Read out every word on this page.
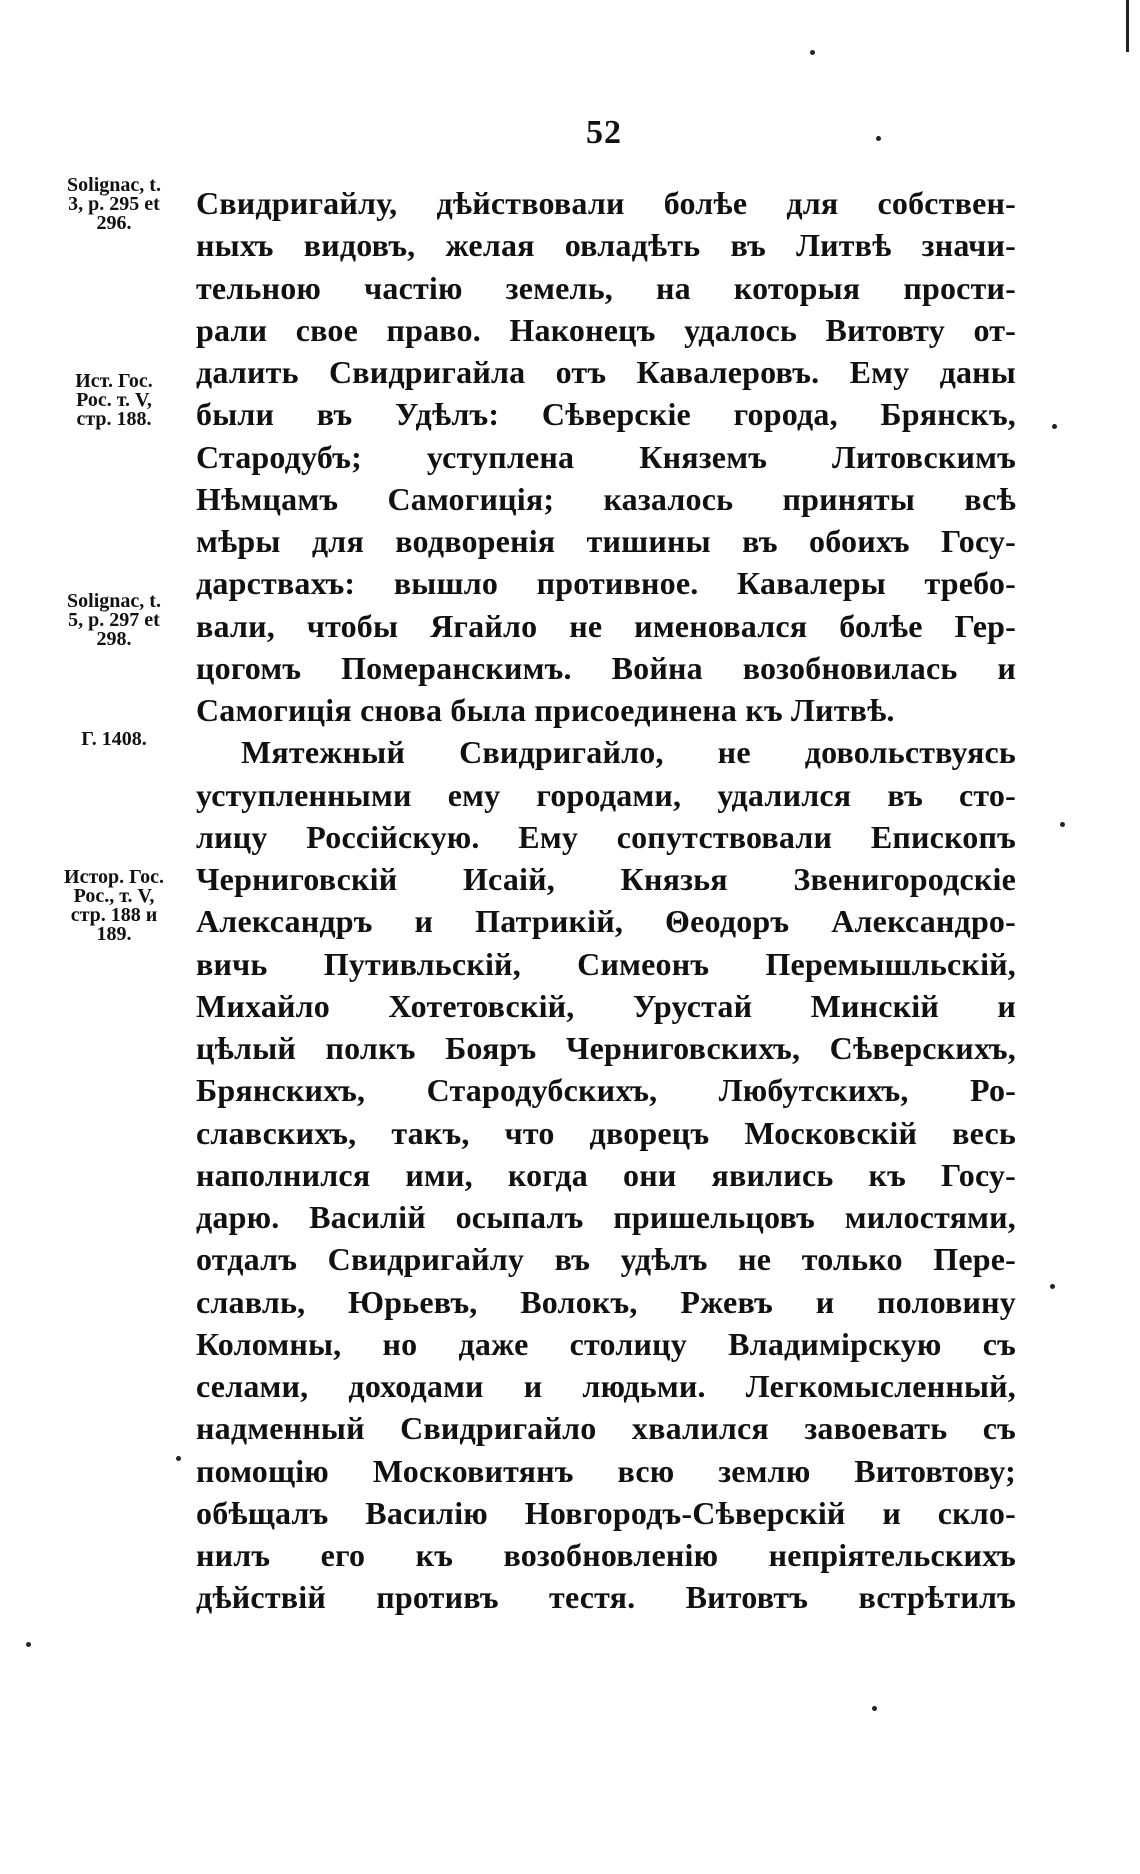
52
Solignac, t.
3, p. 295 et
296.
Ист. Гос.
Рос. т. V,
стр. 188.
Solignac, t.
5, p. 297 et
298.
Г. 1408.
Истор. Гос.
Рос., т. V,
стр. 188 и
189.
Свидригайлу, дѣйствовали болѣе для собствен-
ныхъ видовъ, желая овладѣть въ Литвѣ значи-
тельною частію земель, на которыя прости-
рали свое право. Наконецъ удалось Витовту от-
далить Свидригайла отъ Кавалеровъ. Ему даны
были въ Удѣлъ: Сѣверскіе города, Брянскъ,
Стародубъ; уступлена Княземъ Литовскимъ
Нѣмцамъ Самогиція; казалось приняты всѣ
мѣры для водворенія тишины въ обоихъ Госу-
дарствахъ: вышло противное. Кавалеры требо-
вали, чтобы Ягайло не именовался болѣе Гер-
цогомъ Померанскимъ. Война возобновилась и
Самогиція снова была присоединена къ Литвѣ.
Мятежный Свидригайло, не довольствуясь
уступленными ему городами, удалился въ сто-
лицу Россійскую. Ему сопутствовали Епископъ
Черниговскій Исаій, Князья Звенигородскіе
Александръ и Патрикій, Θеодоръ Александро-
вичь Путивльскій, Симеонъ Перемышльскій,
Михайло Хотетовскій, Урустай Минскій и
цѣлый полкъ Бояръ Черниговскихъ, Сѣверскихъ,
Брянскихъ, Стародубскихъ, Любутскихъ, Ро-
славскихъ, такъ, что дворецъ Московскій весь
наполнился ими, когда они явились къ Госу-
дарю. Василій осыпалъ пришельцовъ милостями,
отдалъ Свидригайлу въ удѣлъ не только Пере-
славль, Юрьевъ, Волокъ, Ржевъ и половину
Коломны, но даже столицу Владимірскую съ
селами, доходами и людьми. Легкомысленный,
надменный Свидригайло хвалился завоевать съ
помощію Московитянъ всю землю Витовтову;
обѣщалъ Василію Новгородъ-Сѣверскій и скло-
нилъ его къ возобновленію непріятельскихъ
дѣйствій противъ тестя. Витовтъ встрѣтилъ
